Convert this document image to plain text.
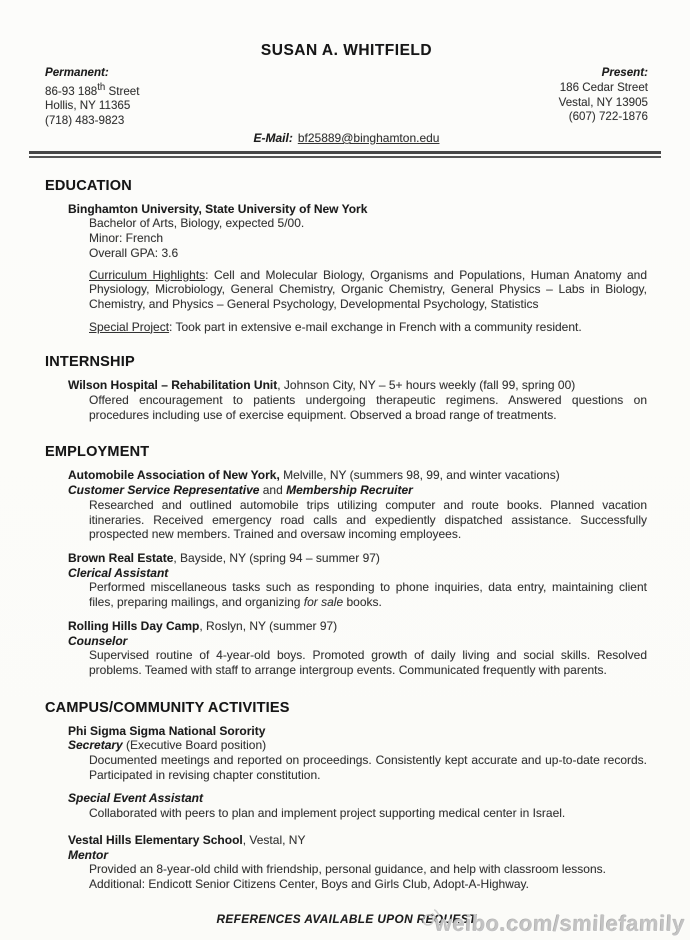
SUSAN A. WHITFIELD
Permanent:
86-93 188th Street
Hollis, NY 11365
(718) 483-9823
Present:
186 Cedar Street
Vestal, NY 13905
(607) 722-1876
E-Mail: bf25889@binghamton.edu
EDUCATION
Binghamton University, State University of New York
Bachelor of Arts, Biology, expected 5/00.
Minor: French
Overall GPA: 3.6
Curriculum Highlights: Cell and Molecular Biology, Organisms and Populations, Human Anatomy and Physiology, Microbiology, General Chemistry, Organic Chemistry, General Physics – Labs in Biology, Chemistry, and Physics – General Psychology, Developmental Psychology, Statistics
Special Project: Took part in extensive e-mail exchange in French with a community resident.
INTERNSHIP
Wilson Hospital – Rehabilitation Unit, Johnson City, NY – 5+ hours weekly (fall 99, spring 00)
Offered encouragement to patients undergoing therapeutic regimens. Answered questions on procedures including use of exercise equipment. Observed a broad range of treatments.
EMPLOYMENT
Automobile Association of New York, Melville, NY (summers 98, 99, and winter vacations)
Customer Service Representative and Membership Recruiter
Researched and outlined automobile trips utilizing computer and route books. Planned vacation itineraries. Received emergency road calls and expediently dispatched assistance. Successfully prospected new members. Trained and oversaw incoming employees.
Brown Real Estate, Bayside, NY (spring 94 – summer 97)
Clerical Assistant
Performed miscellaneous tasks such as responding to phone inquiries, data entry, maintaining client files, preparing mailings, and organizing for sale books.
Rolling Hills Day Camp, Roslyn, NY (summer 97)
Counselor
Supervised routine of 4-year-old boys. Promoted growth of daily living and social skills. Resolved problems. Teamed with staff to arrange intergroup events. Communicated frequently with parents.
CAMPUS/COMMUNITY ACTIVITIES
Phi Sigma Sigma National Sorority
Secretary (Executive Board position)
Documented meetings and reported on proceedings. Consistently kept accurate and up-to-date records. Participated in revising chapter constitution.
Special Event Assistant
Collaborated with peers to plan and implement project supporting medical center in Israel.
Vestal Hills Elementary School, Vestal, NY
Mentor
Provided an 8-year-old child with friendship, personal guidance, and help with classroom lessons.
Additional: Endicott Senior Citizens Center, Boys and Girls Club, Adopt-A-Highway.
REFERENCES AVAILABLE UPON REQUEST
weibo.com/smilefamily
